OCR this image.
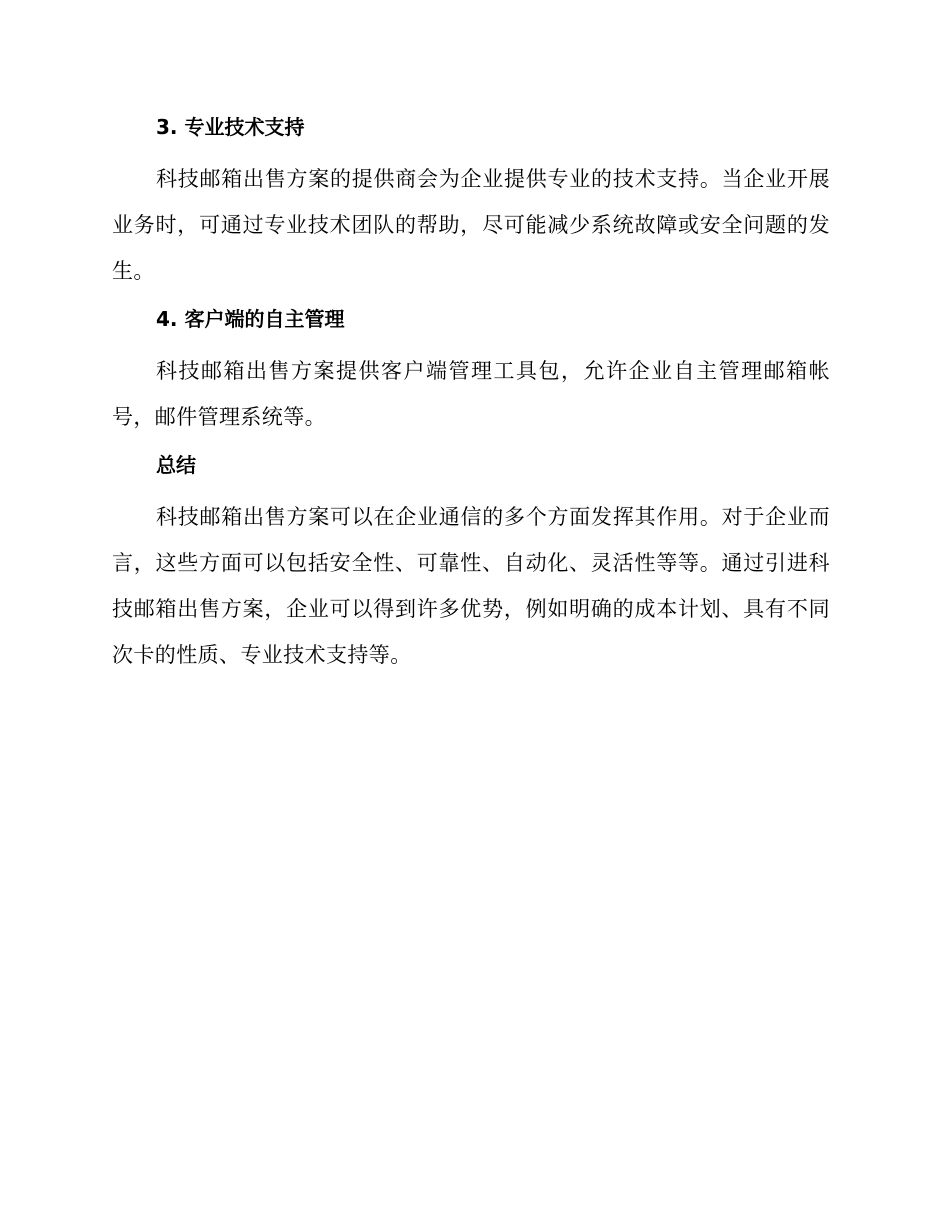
3. 专业技术支持

科技邮箱出售方案的提供商会为企业提供专业的技术支持。当企业开展业务时，可通过专业技术团队的帮助，尽可能减少系统故障或安全问题的发生。

4. 客户端的自主管理

科技邮箱出售方案提供客户端管理工具包，允许企业自主管理邮箱帐号，邮件管理系统等。

总结

科技邮箱出售方案可以在企业通信的多个方面发挥其作用。对于企业而言，这些方面可以包括安全性、可靠性、自动化、灵活性等等。通过引进科技邮箱出售方案，企业可以得到许多优势，例如明确的成本计划、具有不同次卡的性质、专业技术支持等。
